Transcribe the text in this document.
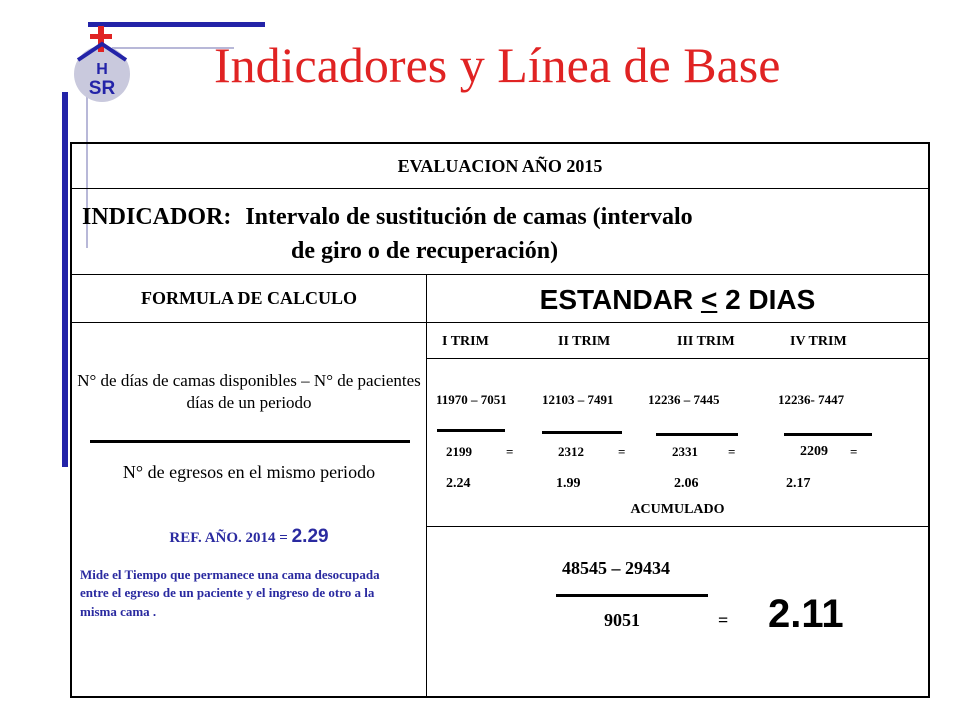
H
SR Indicadores y Línea de Base
EVALUACION AÑO 2015
INDICADOR: Intervalo de sustitución de camas (intervalo
de giro o de recuperación)
FORMULA DE CALCULO	ESTANDAR < 2 DIAS
N° de días de camas disponibles – N° de pacientes días de un periodo
N° de egresos en el mismo periodo
REF. AÑO. 2014 = 2.29
Mide el Tiempo que permanece una cama desocupada entre el egreso de un paciente y el ingreso de otro a la misma cama .
I TRIM	II TRIM	III TRIM	IV TRIM
11970 – 7051	12103 – 7491	12236 – 7445	12236- 7447
2199	=	2312	=	2331 =	2209 =
2.24	1.99	2.06	2.17
ACUMULADO
48545 – 29434
9051	= 2.11
